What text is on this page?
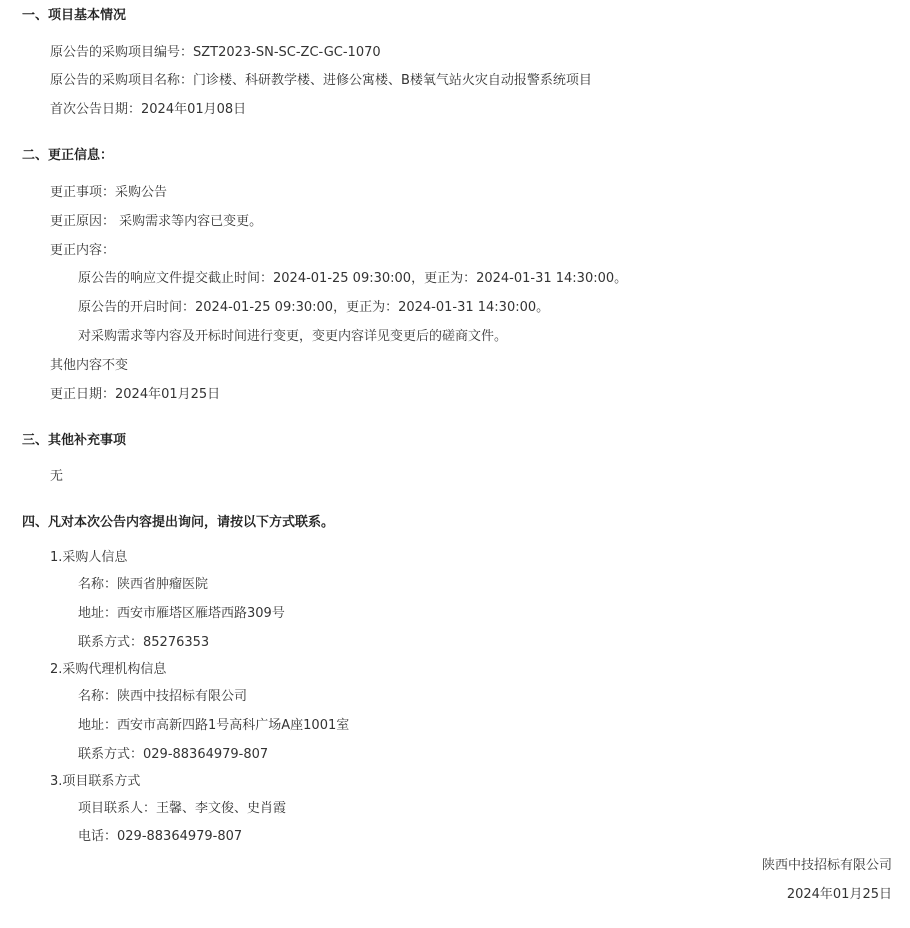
一、项目基本情况
原公告的采购项目编号：SZT2023-SN-SC-ZC-GC-1070
原公告的采购项目名称：门诊楼、科研教学楼、进修公寓楼、B楼氧气站火灾自动报警系统项目
首次公告日期：2024年01月08日
二、更正信息：
更正事项：采购公告
更正原因： 采购需求等内容已变更。
更正内容：
原公告的响应文件提交截止时间：2024-01-25 09:30:00，更正为：2024-01-31 14:30:00。
原公告的开启时间：2024-01-25 09:30:00，更正为：2024-01-31 14:30:00。
对采购需求等内容及开标时间进行变更，变更内容详见变更后的磋商文件。
其他内容不变
更正日期：2024年01月25日
三、其他补充事项
无
四、凡对本次公告内容提出询问，请按以下方式联系。
1.采购人信息
名称：陕西省肿瘤医院
地址：西安市雁塔区雁塔西路309号
联系方式：85276353
2.采购代理机构信息
名称：陕西中技招标有限公司
地址：西安市高新四路1号高科广场A座1001室
联系方式：029-88364979-807
3.项目联系方式
项目联系人：王馨、李文俊、史肖霞
电话：029-88364979-807
陕西中技招标有限公司
2024年01月25日
